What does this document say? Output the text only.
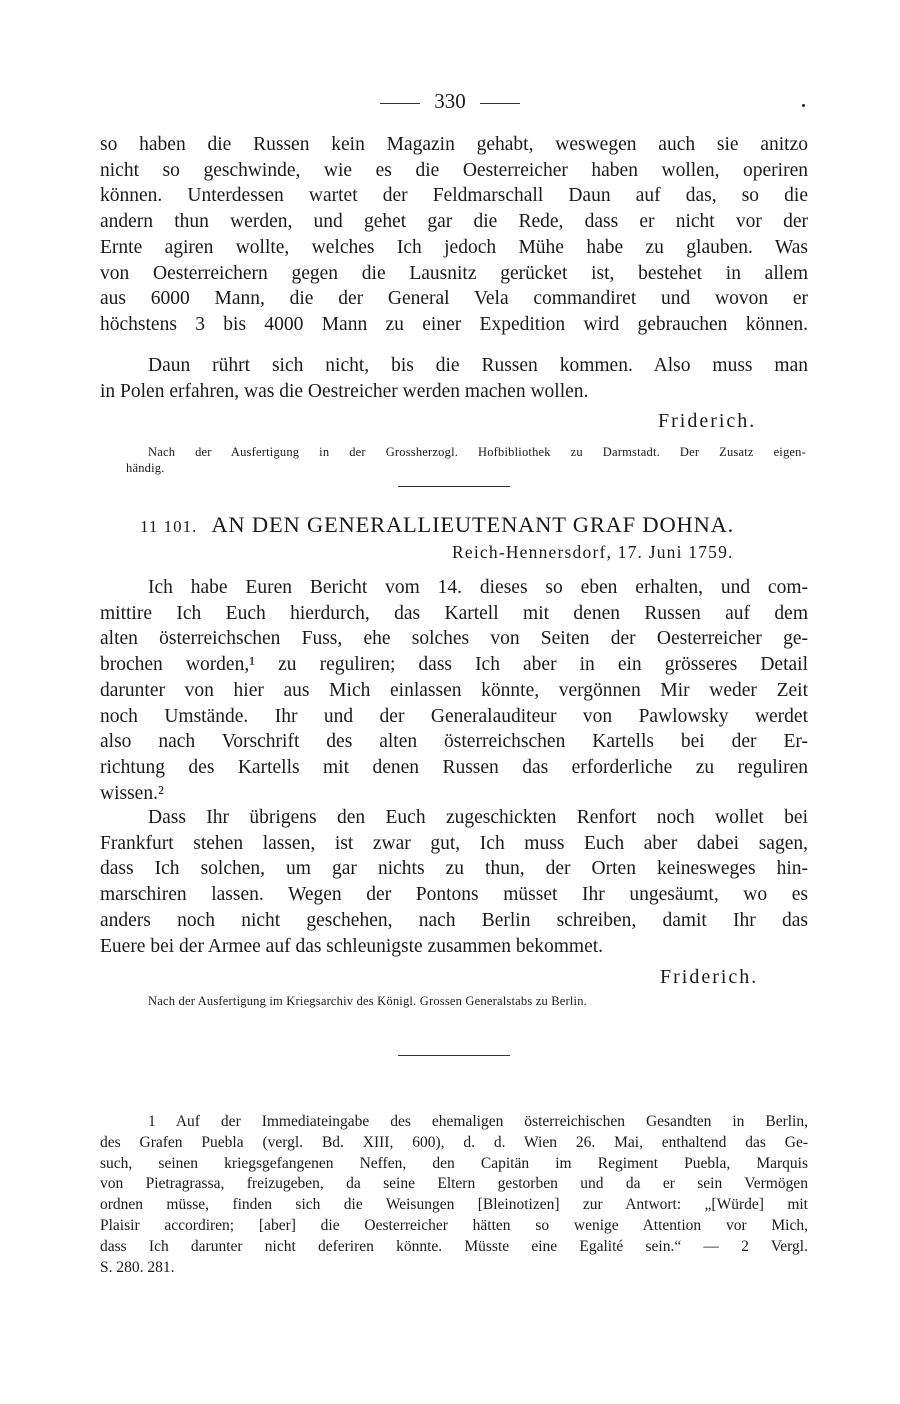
330
so haben die Russen kein Magazin gehabt, weswegen auch sie anitzo
nicht so geschwinde, wie es die Oesterreicher haben wollen, operiren
können. Unterdessen wartet der Feldmarschall Daun auf das, so die
andern thun werden, und gehet gar die Rede, dass er nicht vor der
Ernte agiren wollte, welches Ich jedoch Mühe habe zu glauben. Was
von Oesterreichern gegen die Lausnitz gerücket ist, bestehet in allem
aus 6000 Mann, die der General Vela commandiret und wovon er
höchstens 3 bis 4000 Mann zu einer Expedition wird gebrauchen können.
Daun rührt sich nicht, bis die Russen kommen. Also muss man
in Polen erfahren, was die Oestreicher werden machen wollen.
Friderich.
Nach der Ausfertigung in der Grossherzogl. Hofbibliothek zu Darmstadt. Der Zusatz eigen-
händig.
11 101. AN DEN GENERALLIEUTENANT GRAF DOHNA.
Reich-Hennersdorf, 17. Juni 1759.
Ich habe Euren Bericht vom 14. dieses so eben erhalten, und com-
mittire Ich Euch hierdurch, das Kartell mit denen Russen auf dem
alten österreichschen Fuss, ehe solches von Seiten der Oesterreicher ge-
brochen worden,¹ zu reguliren; dass Ich aber in ein grösseres Detail
darunter von hier aus Mich einlassen könnte, vergönnen Mir weder Zeit
noch Umstände. Ihr und der Generalauditeur von Pawlowsky werdet
also nach Vorschrift des alten österreichschen Kartells bei der Er-
richtung des Kartells mit denen Russen das erforderliche zu reguliren
wissen.²
Dass Ihr übrigens den Euch zugeschickten Renfort noch wollet bei
Frankfurt stehen lassen, ist zwar gut, Ich muss Euch aber dabei sagen,
dass Ich solchen, um gar nichts zu thun, der Orten keinesweges hin-
marschiren lassen. Wegen der Pontons müsset Ihr ungesäumt, wo es
anders noch nicht geschehen, nach Berlin schreiben, damit Ihr das
Euere bei der Armee auf das schleunigste zusammen bekommet.
Friderich.
Nach der Ausfertigung im Kriegsarchiv des Königl. Grossen Generalstabs zu Berlin.
1 Auf der Immediateingabe des ehemaligen österreichischen Gesandten in Berlin,
des Grafen Puebla (vergl. Bd. XIII, 600), d. d. Wien 26. Mai, enthaltend das Ge-
such, seinen kriegsgefangenen Neffen, den Capitän im Regiment Puebla, Marquis
von Pietragrassa, freizugeben, da seine Eltern gestorben und da er sein Vermögen
ordnen müsse, finden sich die Weisungen [Bleinotizen] zur Antwort: „[Würde] mit
Plaisir accordiren; [aber] die Oesterreicher hätten so wenige Attention vor Mich,
dass Ich darunter nicht deferiren könnte. Müsste eine Egalité sein.“ — 2 Vergl.
S. 280. 281.
